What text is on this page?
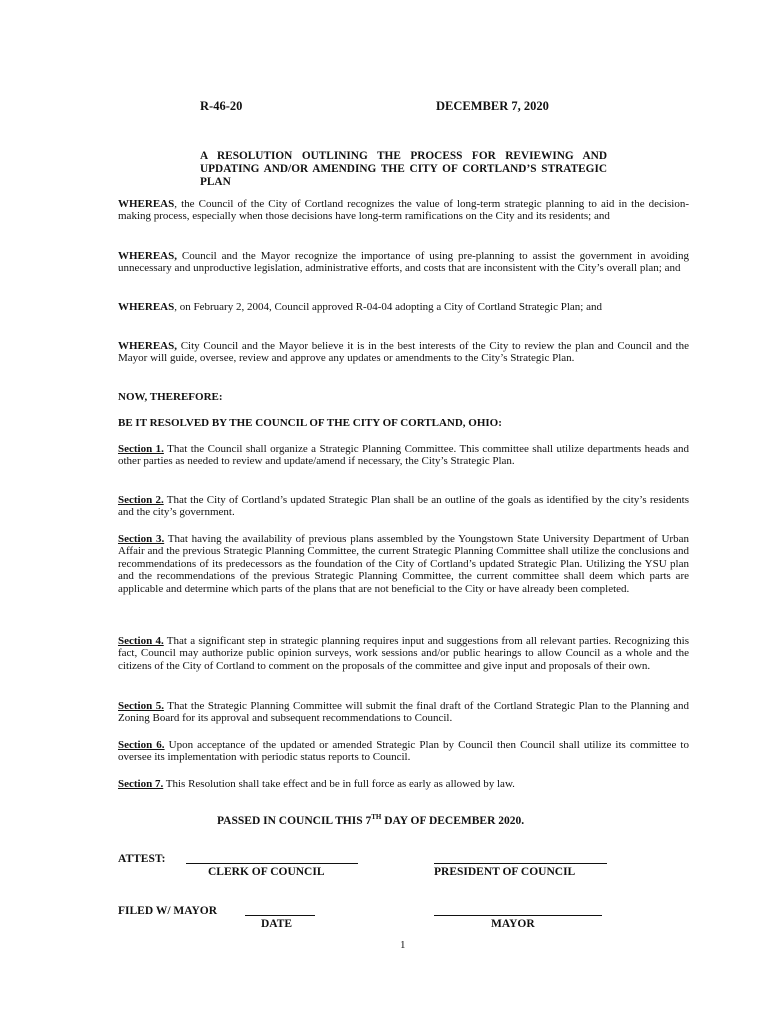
R-46-20	DECEMBER 7, 2020
A RESOLUTION OUTLINING THE PROCESS FOR REVIEWING AND UPDATING AND/OR AMENDING THE CITY OF CORTLAND’S STRATEGIC PLAN
WHEREAS, the Council of the City of Cortland recognizes the value of long-term strategic planning to aid in the decision-making process, especially when those decisions have long-term ramifications on the City and its residents; and
WHEREAS, Council and the Mayor recognize the importance of using pre-planning to assist the government in avoiding unnecessary and unproductive legislation, administrative efforts, and costs that are inconsistent with the City’s overall plan; and
WHEREAS, on February 2, 2004, Council approved R-04-04 adopting a City of Cortland Strategic Plan; and
WHEREAS, City Council and the Mayor believe it is in the best interests of the City to review the plan and Council and the Mayor will guide, oversee, review and approve any updates or amendments to the City’s Strategic Plan.
NOW, THEREFORE:
BE IT RESOLVED BY THE COUNCIL OF THE CITY OF CORTLAND, OHIO:
Section 1. That the Council shall organize a Strategic Planning Committee. This committee shall utilize departments heads and other parties as needed to review and update/amend if necessary, the City’s Strategic Plan.
Section 2. That the City of Cortland’s updated Strategic Plan shall be an outline of the goals as identified by the city’s residents and the city’s government.
Section 3. That having the availability of previous plans assembled by the Youngstown State University Department of Urban Affair and the previous Strategic Planning Committee, the current Strategic Planning Committee shall utilize the conclusions and recommendations of its predecessors as the foundation of the City of Cortland’s updated Strategic Plan. Utilizing the YSU plan and the recommendations of the previous Strategic Planning Committee, the current committee shall deem which parts are applicable and determine which parts of the plans that are not beneficial to the City or have already been completed.
Section 4. That a significant step in strategic planning requires input and suggestions from all relevant parties. Recognizing this fact, Council may authorize public opinion surveys, work sessions and/or public hearings to allow Council as a whole and the citizens of the City of Cortland to comment on the proposals of the committee and give input and proposals of their own.
Section 5. That the Strategic Planning Committee will submit the final draft of the Cortland Strategic Plan to the Planning and Zoning Board for its approval and subsequent recommendations to Council.
Section 6. Upon acceptance of the updated or amended Strategic Plan by Council then Council shall utilize its committee to oversee its implementation with periodic status reports to Council.
Section 7. This Resolution shall take effect and be in full force as early as allowed by law.
PASSED IN COUNCIL THIS 7TH DAY OF DECEMBER 2020.
ATTEST:
CLERK OF COUNCIL	PRESIDENT OF COUNCIL
FILED W/ MAYOR
DATE	MAYOR
1
